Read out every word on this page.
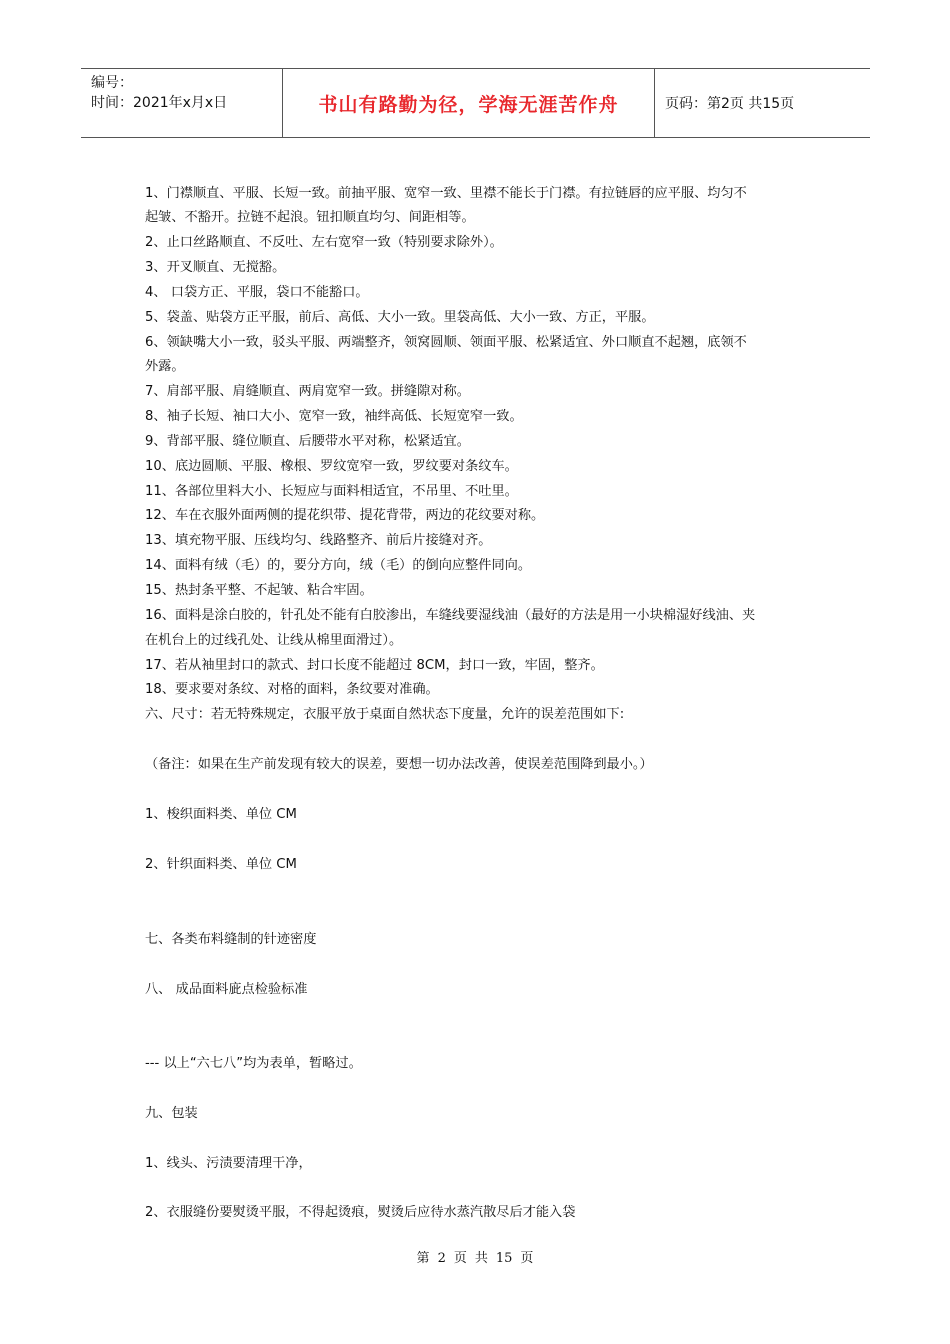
编号：
时间：2021年x月x日	书山有路勤为径，学海无涯苦作舟	页码：第2页 共15页
1、门襟顺直、平服、长短一致。前抽平服、宽窄一致、里襟不能长于门襟。有拉链唇的应平服、均匀不
起皱、不豁开。拉链不起浪。钮扣顺直均匀、间距相等。
2、止口丝路顺直、不反吐、左右宽窄一致（特别要求除外）。
3、开叉顺直、无搅豁。
4、 口袋方正、平服，袋口不能豁口。
5、袋盖、贴袋方正平服，前后、高低、大小一致。里袋高低、大小一致、方正，平服。
6、领缺嘴大小一致，驳头平服、两端整齐，领窝圆顺、领面平服、松紧适宜、外口顺直不起翘，底领不
外露。
7、肩部平服、肩缝顺直、两肩宽窄一致。拼缝隙对称。
8、袖子长短、袖口大小、宽窄一致，袖绊高低、长短宽窄一致。
9、背部平服、缝位顺直、后腰带水平对称，松紧适宜。
10、底边圆顺、平服、橡根、罗纹宽窄一致，罗纹要对条纹车。
11、各部位里料大小、长短应与面料相适宜，不吊里、不吐里。
12、车在衣服外面两侧的提花织带、提花背带，两边的花纹要对称。
13、填充物平服、压线均匀、线路整齐、前后片接缝对齐。
14、面料有绒（毛）的，要分方向，绒（毛）的倒向应整件同向。
15、热封条平整、不起皱、粘合牢固。
16、面料是涂白胶的，针孔处不能有白胶渗出，车缝线要湿线油（最好的方法是用一小块棉湿好线油、夹
在机台上的过线孔处、让线从棉里面滑过）。
17、若从袖里封口的款式、封口长度不能超过 8CM，封口一致，牢固，整齐。
18、要求要对条纹、对格的面料，条纹要对准确。
六、尺寸：若无特殊规定，衣服平放于桌面自然状态下度量，允许的误差范围如下:
（备注：如果在生产前发现有较大的误差，要想一切办法改善，使误差范围降到最小。）
1、梭织面料类、单位 CM
2、针织面料类、单位 CM
七、各类布料缝制的针迹密度
八、 成品面料庛点检验标准
--- 以上“六七八”均为表单，暂略过。
九、包装
1、线头、污渍要清理干净，
2、衣服缝份要熨烫平服，不得起烫痕，熨烫后应待水蒸汽散尽后才能入袋
第 2 页 共 15 页
